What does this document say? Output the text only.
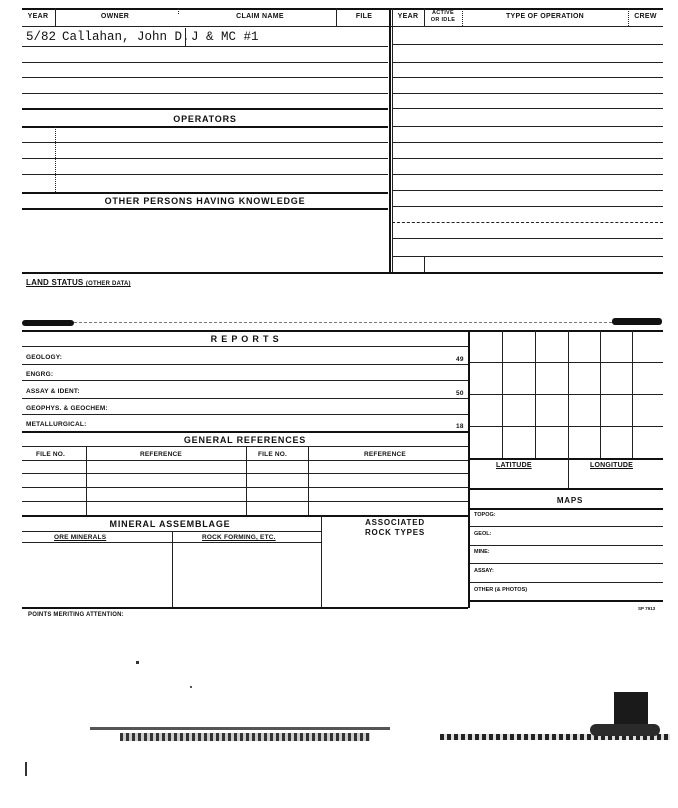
YEAR	OWNER	CLAIM NAME	FILE	YEAR	ACTIVE
OR IDLE	TYPE OF OPERATION	CREW
5/82 Callahan, John D. J & MC #1
OPERATORS
OTHER PERSONS HAVING KNOWLEDGE
LAND STATUS (OTHER DATA)
R E P O R T S
GEOLOGY:	49
ENGRG:
ASSAY & IDENT:	50
GEOPHYS. & GEOCHEM:
METALLURGICAL:	18
GENERAL REFERENCES
FILE NO.	REFERENCE	FILE NO.	REFERENCE
MINERAL ASSEMBLAGE	ASSOCIATED
ROCK TYPES
ORE MINERALS	ROCK FORMING, ETC.
LATITUDE	LONGITUDE
MAPS
TOPOG:
GEOL:
MINE:
ASSAY:
OTHER (& PHOTOS)
SP 7913
POINTS MERITING ATTENTION:
